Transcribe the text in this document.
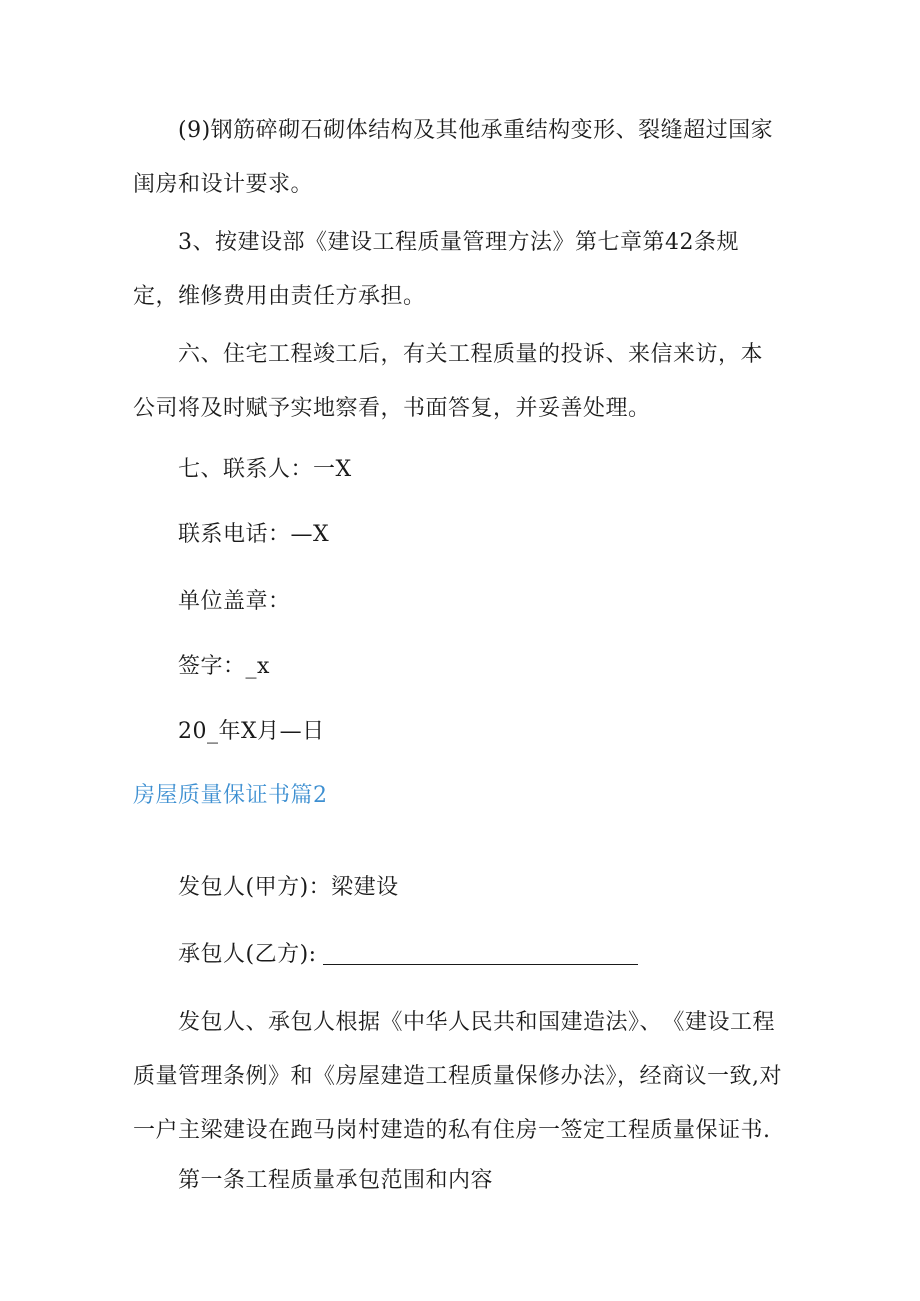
(9)钢筋碎砌石砌体结构及其他承重结构变形、裂缝超过国家闺房和设计要求。

3、按建设部《建设工程质量管理方法》第七章第42条规定，维修费用由责任方承担。

六、住宅工程竣工后，有关工程质量的投诉、来信来访，本公司将及时赋予实地察看，书面答复，并妥善处理。

七、联系人：一X

联系电话：—X

单位盖章：

签字：_x

20_年X月—日

房屋质量保证书篇2

发包人(甲方)：梁建设

承包人(乙方):

发包人、承包人根据《中华人民共和国建造法》、　《建设工程质量管理条例》和《房屋建造工程质量保修办法》，经商议一致,对一户主梁建设在跑马岗村建造的私有住房一签定工程质量保证书.

第一条工程质量承包范围和内容
